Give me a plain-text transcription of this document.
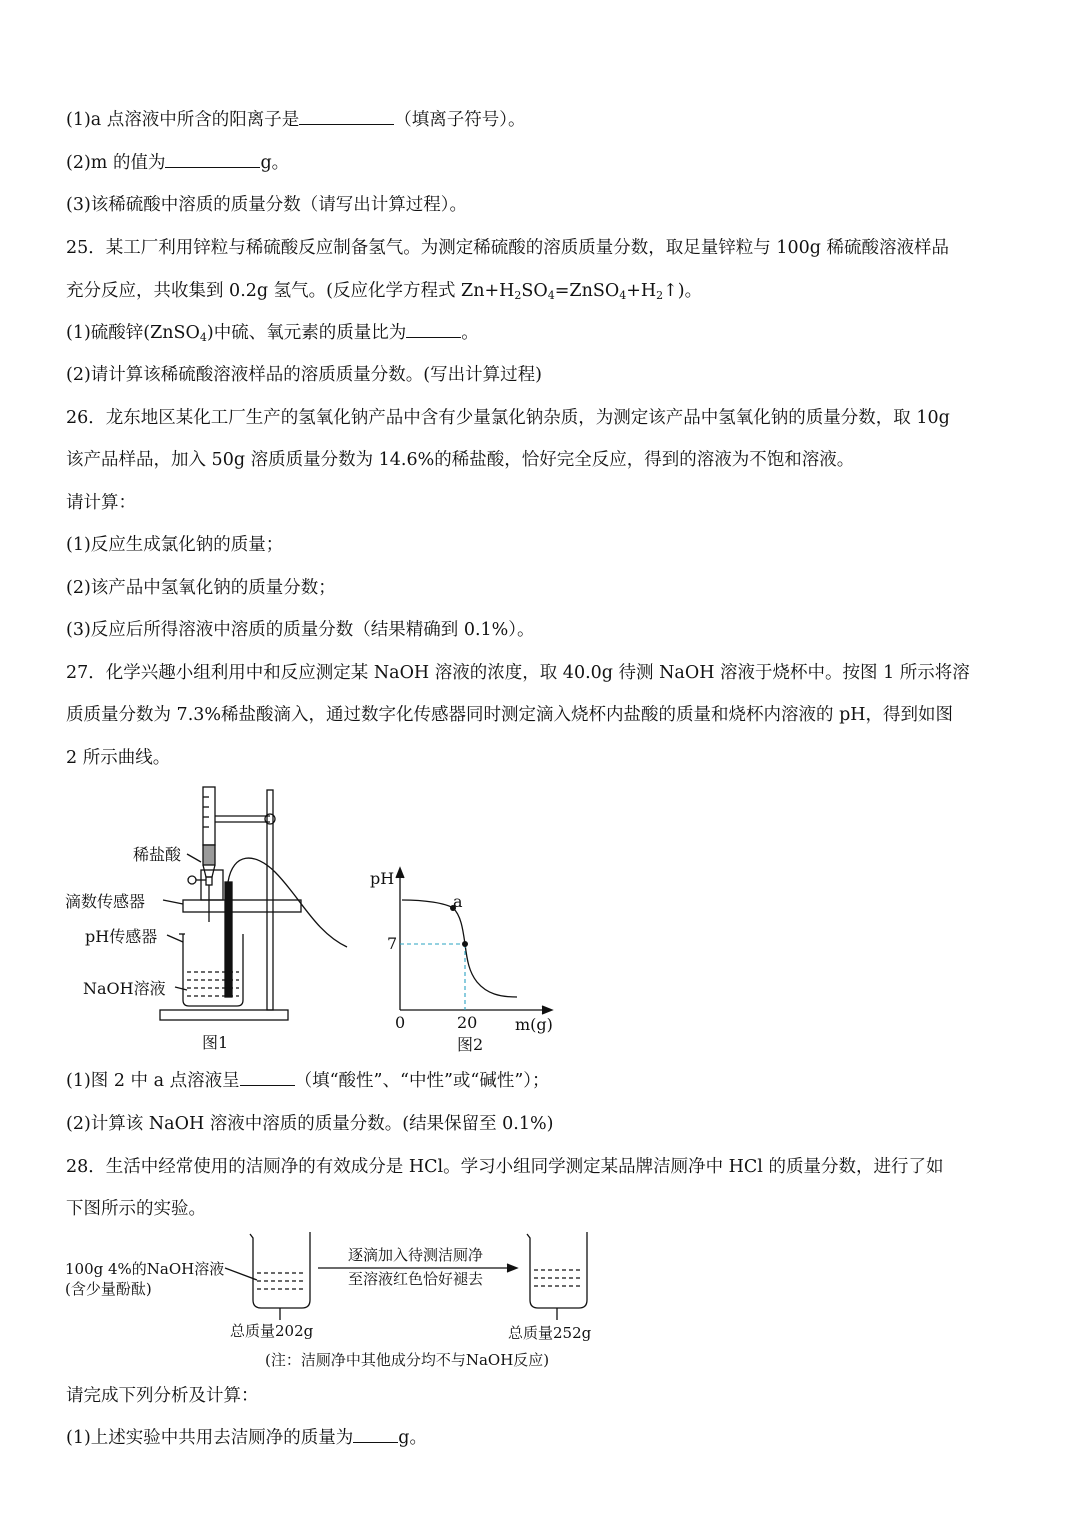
(1)a 点溶液中所含的阳离子是	（填离子符号）。
(2)m 的值为	g。
(3)该稀硫酸中溶质的质量分数（请写出计算过程）。
25．某工厂利用锌粒与稀硫酸反应制备氢气。为测定稀硫酸的溶质质量分数，取足量锌粒与 100g 稀硫酸溶液样品
充分反应，共收集到 0.2g 氢气。(反应化学方程式 $Zn+H_2SO_4=ZnSO_4+H_2↑$)。
(1)硫酸锌(ZnSO$_4$)中硫、氧元素的质量比为	。
(2)请计算该稀硫酸溶液样品的溶质质量分数。(写出计算过程)
26．龙东地区某化工厂生产的氢氧化钠产品中含有少量氯化钠杂质，为测定该产品中氢氧化钠的质量分数，取 10g
该产品样品，加入 50g 溶质质量分数为 14.6%的稀盐酸，恰好完全反应，得到的溶液为不饱和溶液。
请计算：
(1)反应生成氯化钠的质量；
(2)该产品中氢氧化钠的质量分数；
(3)反应后所得溶液中溶质的质量分数（结果精确到 0.1%）。
27．化学兴趣小组利用中和反应测定某 NaOH 溶液的浓度，取 40.0g 待测 NaOH 溶液于烧杯中。按图 1 所示将溶
质质量分数为 7.3%稀盐酸滴入，通过数字化传感器同时测定滴入烧杯内盐酸的质量和烧杯内溶液的 pH，得到如图
2 所示曲线。
稀盐酸
滴数传感器
pH传感器
NaOH溶液
图1
pH
a
7
0	20 m(g)
图2
(1)图 2 中 a 点溶液呈	（填“酸性”、“中性”或“碱性”）；
(2)计算该 NaOH 溶液中溶质的质量分数。(结果保留至 0.1%)
28．生活中经常使用的洁厕净的有效成分是 HCl。学习小组同学测定某品牌洁厕净中 HCl 的质量分数，进行了如
下图所示的实验。
100g 4%的NaOH溶液
(含少量酚酞)
逐滴加入待测洁厕净
至溶液红色恰好褪去
总质量202g	总质量252g
(注：洁厕净中其他成分均不与NaOH反应)
请完成下列分析及计算：
(1)上述实验中共用去洁厕净的质量为	g。
